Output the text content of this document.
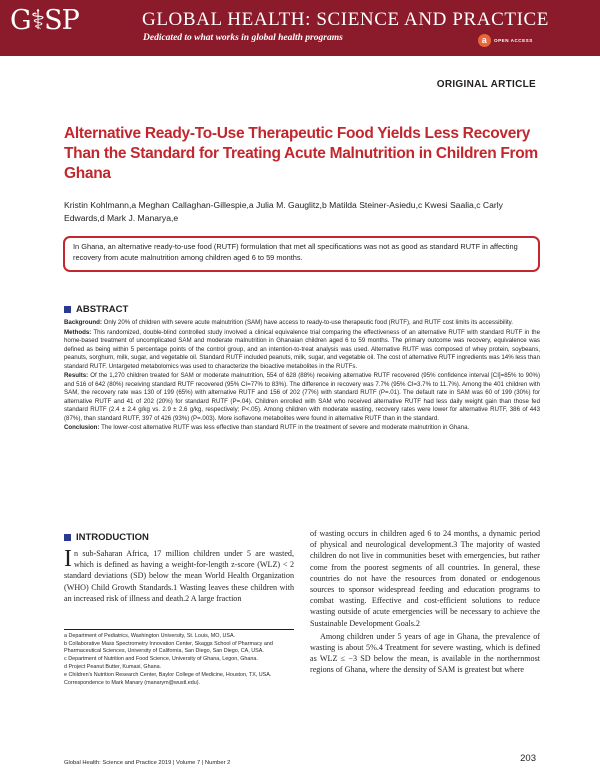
G⚕SP	GLOBAL HEALTH: SCIENCE AND PRACTICE
Dedicated to what works in global health programs	a	OPEN ACCESS
ORIGINAL ARTICLE
Alternative Ready-To-Use Therapeutic Food Yields Less Recovery Than the Standard for Treating Acute Malnutrition in Children From Ghana
Kristin Kohlmann,a Meghan Callaghan-Gillespie,a Julia M. Gauglitz,b Matilda Steiner-Asiedu,c Kwesi Saalia,c Carly Edwards,d Mark J. Manarya,e
In Ghana, an alternative ready-to-use food (RUTF) formulation that met all specifications was not as good as standard RUTF in affecting recovery from acute malnutrition among children aged 6 to 59 months.
ABSTRACT

Background: Only 20% of children with severe acute malnutrition (SAM) have access to ready-to-use therapeutic food (RUTF), and RUTF cost limits its accessibility.

Methods: This randomized, double-blind controlled study involved a clinical equivalence trial comparing the effectiveness of an alternative RUTF with standard RUTF in the home-based treatment of uncomplicated SAM and moderate malnutrition in Ghanaian children aged 6 to 59 months. The primary outcome was recovery, equivalence was defined as being within 5 percentage points of the control group, and an intention-to-treat analysis was used. Alternative RUTF was composed of whey protein, soybeans, peanuts, sorghum, milk, sugar, and vegetable oil. Standard RUTF included peanuts, milk, sugar, and vegetable oil. The cost of alternative RUTF ingredients was 14% less than standard RUTF. Untargeted metabolomics was used to characterize the bioactive metabolites in the RUTFs.

Results: Of the 1,270 children treated for SAM or moderate malnutrition, 554 of 628 (88%) receiving alternative RUTF recovered (95% confidence interval [CI]=85% to 90%) and 516 of 642 (80%) receiving standard RUTF recovered (95% CI=77% to 83%). The difference in recovery was 7.7% (95% CI=3.7% to 11.7%). Among the 401 children with SAM, the recovery rate was 130 of 199 (65%) with alternative RUTF and 156 of 202 (77%) with standard RUTF (P=.01). The default rate in SAM was 60 of 199 (30%) for alternative RUTF and 41 of 202 (20%) for standard RUTF (P=.04). Children enrolled with SAM who received alternative RUTF had less daily weight gain than those fed standard RUTF (2.4 ± 2.4 g/kg vs. 2.9 ± 2.6 g/kg, respectively; P<.05). Among children with moderate wasting, recovery rates were lower for alternative RUTF, 386 of 443 (87%), than standard RUTF, 397 of 426 (93%) (P=.003). More isoflavone metabolites were found in alternative RUTF than in the standard.

Conclusion: The lower-cost alternative RUTF was less effective than standard RUTF in the treatment of severe and moderate malnutrition in Ghana.

INTRODUCTION
In sub-Saharan Africa, 17 million children under 5 are wasted, which is defined as having a weight-for-length z-score (WLZ) < 2 standard deviations (SD) below the mean World Health Organization (WHO) Child Growth Standards.1 Wasting leaves these children with an increased risk of illness and death.2 A large fraction

of wasting occurs in children aged 6 to 24 months, a dynamic period of physical and neurological development.3 The majority of wasted children do not live in communities beset with emergencies, but rather come from the poorest segments of all countries. In general, these countries do not have the resources from donated or endogenous sources to sponsor widespread feeding and education programs to combat wasting. Effective and cost-efficient solutions to reduce wasting outside of acute emergencies will be necessary to achieve the Sustainable Development Goals.2

Among children under 5 years of age in Ghana, the prevalence of wasting is about 5%.4 Treatment for severe wasting, which is defined as WLZ ≤ −3 SD below the mean, is available in the northernmost regions of Ghana, where the density of SAM is greatest but where

a Department of Pediatrics, Washington University, St. Louis, MO, USA.
b Collaborative Mass Spectrometry Innovation Center, Skaggs School of Pharmacy and Pharmaceutical Sciences, University of California, San Diego, San Diego, CA, USA.
c Department of Nutrition and Food Science, University of Ghana, Legon, Ghana.
d Project Peanut Butter, Kumasi, Ghana.
e Children's Nutrition Research Center, Baylor College of Medicine, Houston, TX, USA.
Correspondence to Mark Manary (manarym@wustl.edu).
Global Health: Science and Practice 2019 | Volume 7 | Number 2	203
